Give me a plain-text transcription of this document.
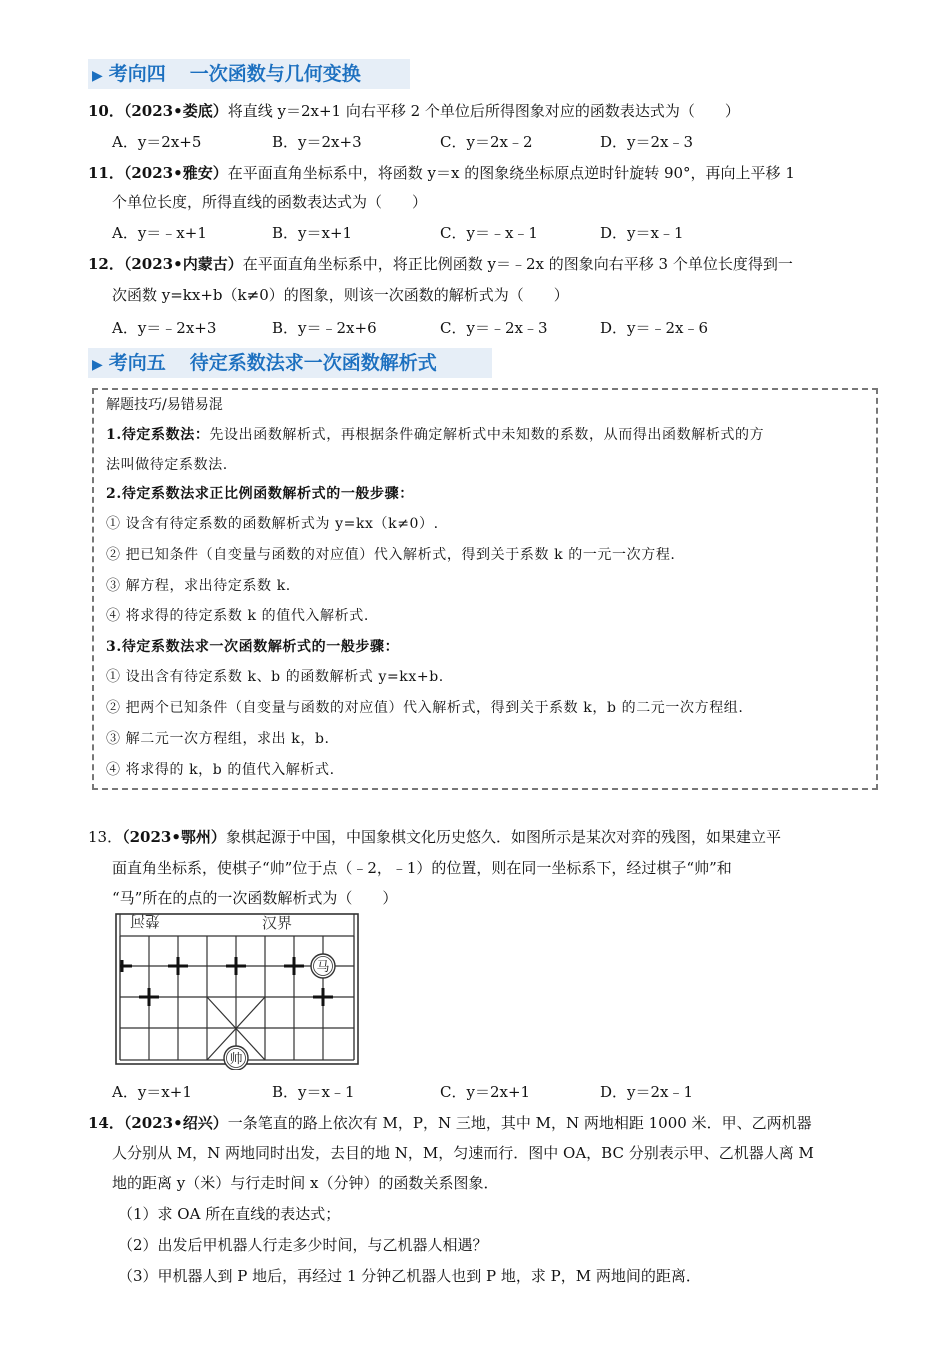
▶ 考向四 一次函数与几何变换
10．（2023•娄底）将直线 y＝2x+1 向右平移 2 个单位后所得图象对应的函数表达式为（　　）
A．y＝2x+5	B．y＝2x+3	C．y＝2x﹣2	D．y＝2x﹣3
11．（2023•雅安）在平面直角坐标系中，将函数 y＝x 的图象绕坐标原点逆时针旋转 90°，再向上平移 1
个单位长度，所得直线的函数表达式为（　　）
A．y＝﹣x+1	B．y＝x+1	C．y＝﹣x﹣1	D．y＝x﹣1
12．（2023•内蒙古）在平面直角坐标系中，将正比例函数 y＝﹣2x 的图象向右平移 3 个单位长度得到一
次函数 y=kx+b（k≠0）的图象，则该一次函数的解析式为（　　）
A．y＝﹣2x+3	B．y＝﹣2x+6	C．y＝﹣2x﹣3	D．y＝﹣2x﹣6
▶ 考向五 待定系数法求一次函数解析式
解题技巧/易错易混
1.待定系数法：先设出函数解析式，再根据条件确定解析式中未知数的系数，从而得出函数解析式的方
法叫做待定系数法.
2.待定系数法求正比例函数解析式的一般步骤：
① 设含有待定系数的函数解析式为 y=kx（k≠0）.
② 把已知条件（自变量与函数的对应值）代入解析式，得到关于系数 k 的一元一次方程.
③ 解方程，求出待定系数 k.
④ 将求得的待定系数 k 的值代入解析式.
3.待定系数法求一次函数解析式的一般步骤：
① 设出含有待定系数 k、b 的函数解析式 y=kx+b.
② 把两个已知条件（自变量与函数的对应值）代入解析式，得到关于系数 k，b 的二元一次方程组.
③ 解二元一次方程组，求出 k，b.
④ 将求得的 k，b 的值代入解析式.
13．（2023•鄂州）象棋起源于中国，中国象棋文化历史悠久．如图所示是某次对弈的残图，如果建立平
面直角坐标系，使棋子“帅”位于点（﹣2，﹣1）的位置，则在同一坐标系下，经过棋子“帅”和
“马”所在的点的一次函数解析式为（　　）
楚河	汉界
马
帅
A．y＝x+1	B．y＝x﹣1	C．y＝2x+1	D．y＝2x﹣1
14．（2023•绍兴）一条笔直的路上依次有 M，P，N 三地，其中 M，N 两地相距 1000 米．甲、乙两机器
人分别从 M，N 两地同时出发，去目的地 N，M，匀速而行．图中 OA，BC 分别表示甲、乙机器人离 M
地的距离 y（米）与行走时间 x（分钟）的函数关系图象．
（1）求 OA 所在直线的表达式；
（2）出发后甲机器人行走多少时间，与乙机器人相遇？
（3）甲机器人到 P 地后，再经过 1 分钟乙机器人也到 P 地，求 P，M 两地间的距离．
